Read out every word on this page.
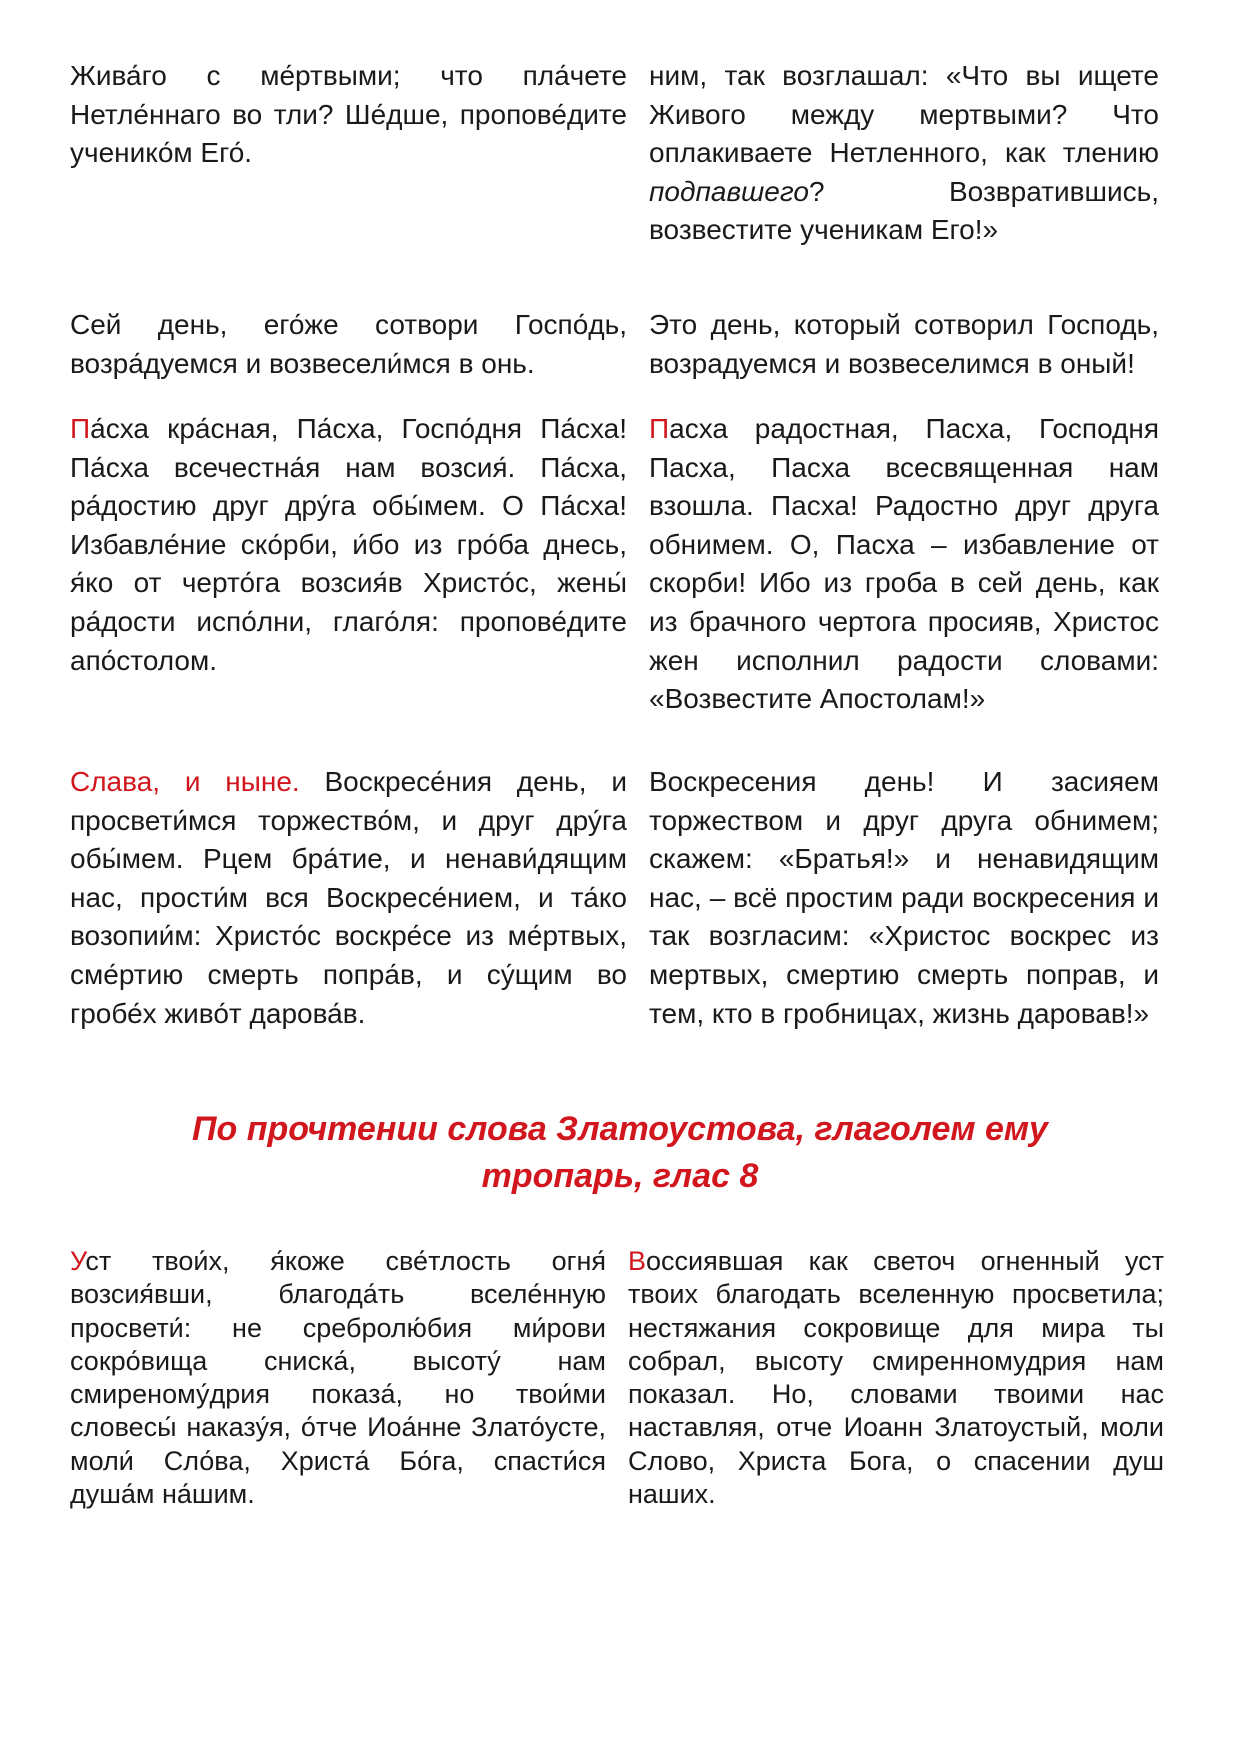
Жива́го с ме́ртвыми; что пла́чете Нетле́ннаго во тли? Ше́дше, пропове́дите ученико́м Его́.
ним, так возглашал: «Что вы ищете Живого между мертвыми? Что оплакиваете Нетленного, как тлению подпавшего? Возвратившись, возвестите ученикам Его!»
Сей день, его́же сотвори Госпо́дь, возра́дуемся и возвесели́мся в онь.
Это день, который сотворил Господь, возрадуемся и возвеселимся в оный!
Па́сха кра́сная, Па́сха, Госпо́дня Па́сха! Па́сха всечестна́я нам возсия́. Па́сха, ра́достию друг дру́га обы́мем. О Па́сха! Избавле́ние ско́рби, и́бо из гро́ба днесь, я́ко от черто́га возсия́в Христо́с, жены́ ра́дости испо́лни, глаго́ля: пропове́дите апо́столом.
Пасха радостная, Пасха, Господня Пасха, Пасха всесвященная нам взошла. Пасха! Радостно друг друга обнимем. О, Пасха – избавление от скорби! Ибо из гроба в сей день, как из брачного чертога просияв, Христос жен исполнил радости словами: «Возвестите Апостолам!»
Слава, и ныне. Воскресе́ния день, и просвети́мся торжество́м, и друг дру́га обы́мем. Рцем бра́тие, и ненави́дящим нас, прости́м вся Воскресе́нием, и та́ко возопии́м: Христо́с воскре́се из ме́ртвых, сме́ртию смерть попра́в, и су́щим во гробе́х живо́т дарова́в.
Воскресения день! И засияем торжеством и друг друга обнимем; скажем: «Братья!» и ненавидящим нас, – всё простим ради воскресения и так возгласим: «Христос воскрес из мертвых, смертию смерть поправ, и тем, кто в гробницах, жизнь даровав!»
По прочтении слова Златоустова, глаголем ему
тропарь, глас 8
Уст твои́х, я́коже све́тлость огня́ возсия́вши, благода́ть вселе́нную просвети́: не сребролю́бия ми́рови сокро́вища сниска́, высоту́ нам смиреному́дрия показа́, но твои́ми словесы́ наказу́я, о́тче Иоа́нне Злато́усте, моли́ Сло́ва, Христа́ Бо́га, спасти́ся душа́м на́шим.
Воссиявшая как светоч огненный уст твоих благодать вселенную просветила; нестяжания сокровище для мира ты собрал, высоту смиренномудрия нам показал. Но, словами твоими нас наставляя, отче Иоанн Златоустый, моли Слово, Христа Бога, о спасении душ наших.
